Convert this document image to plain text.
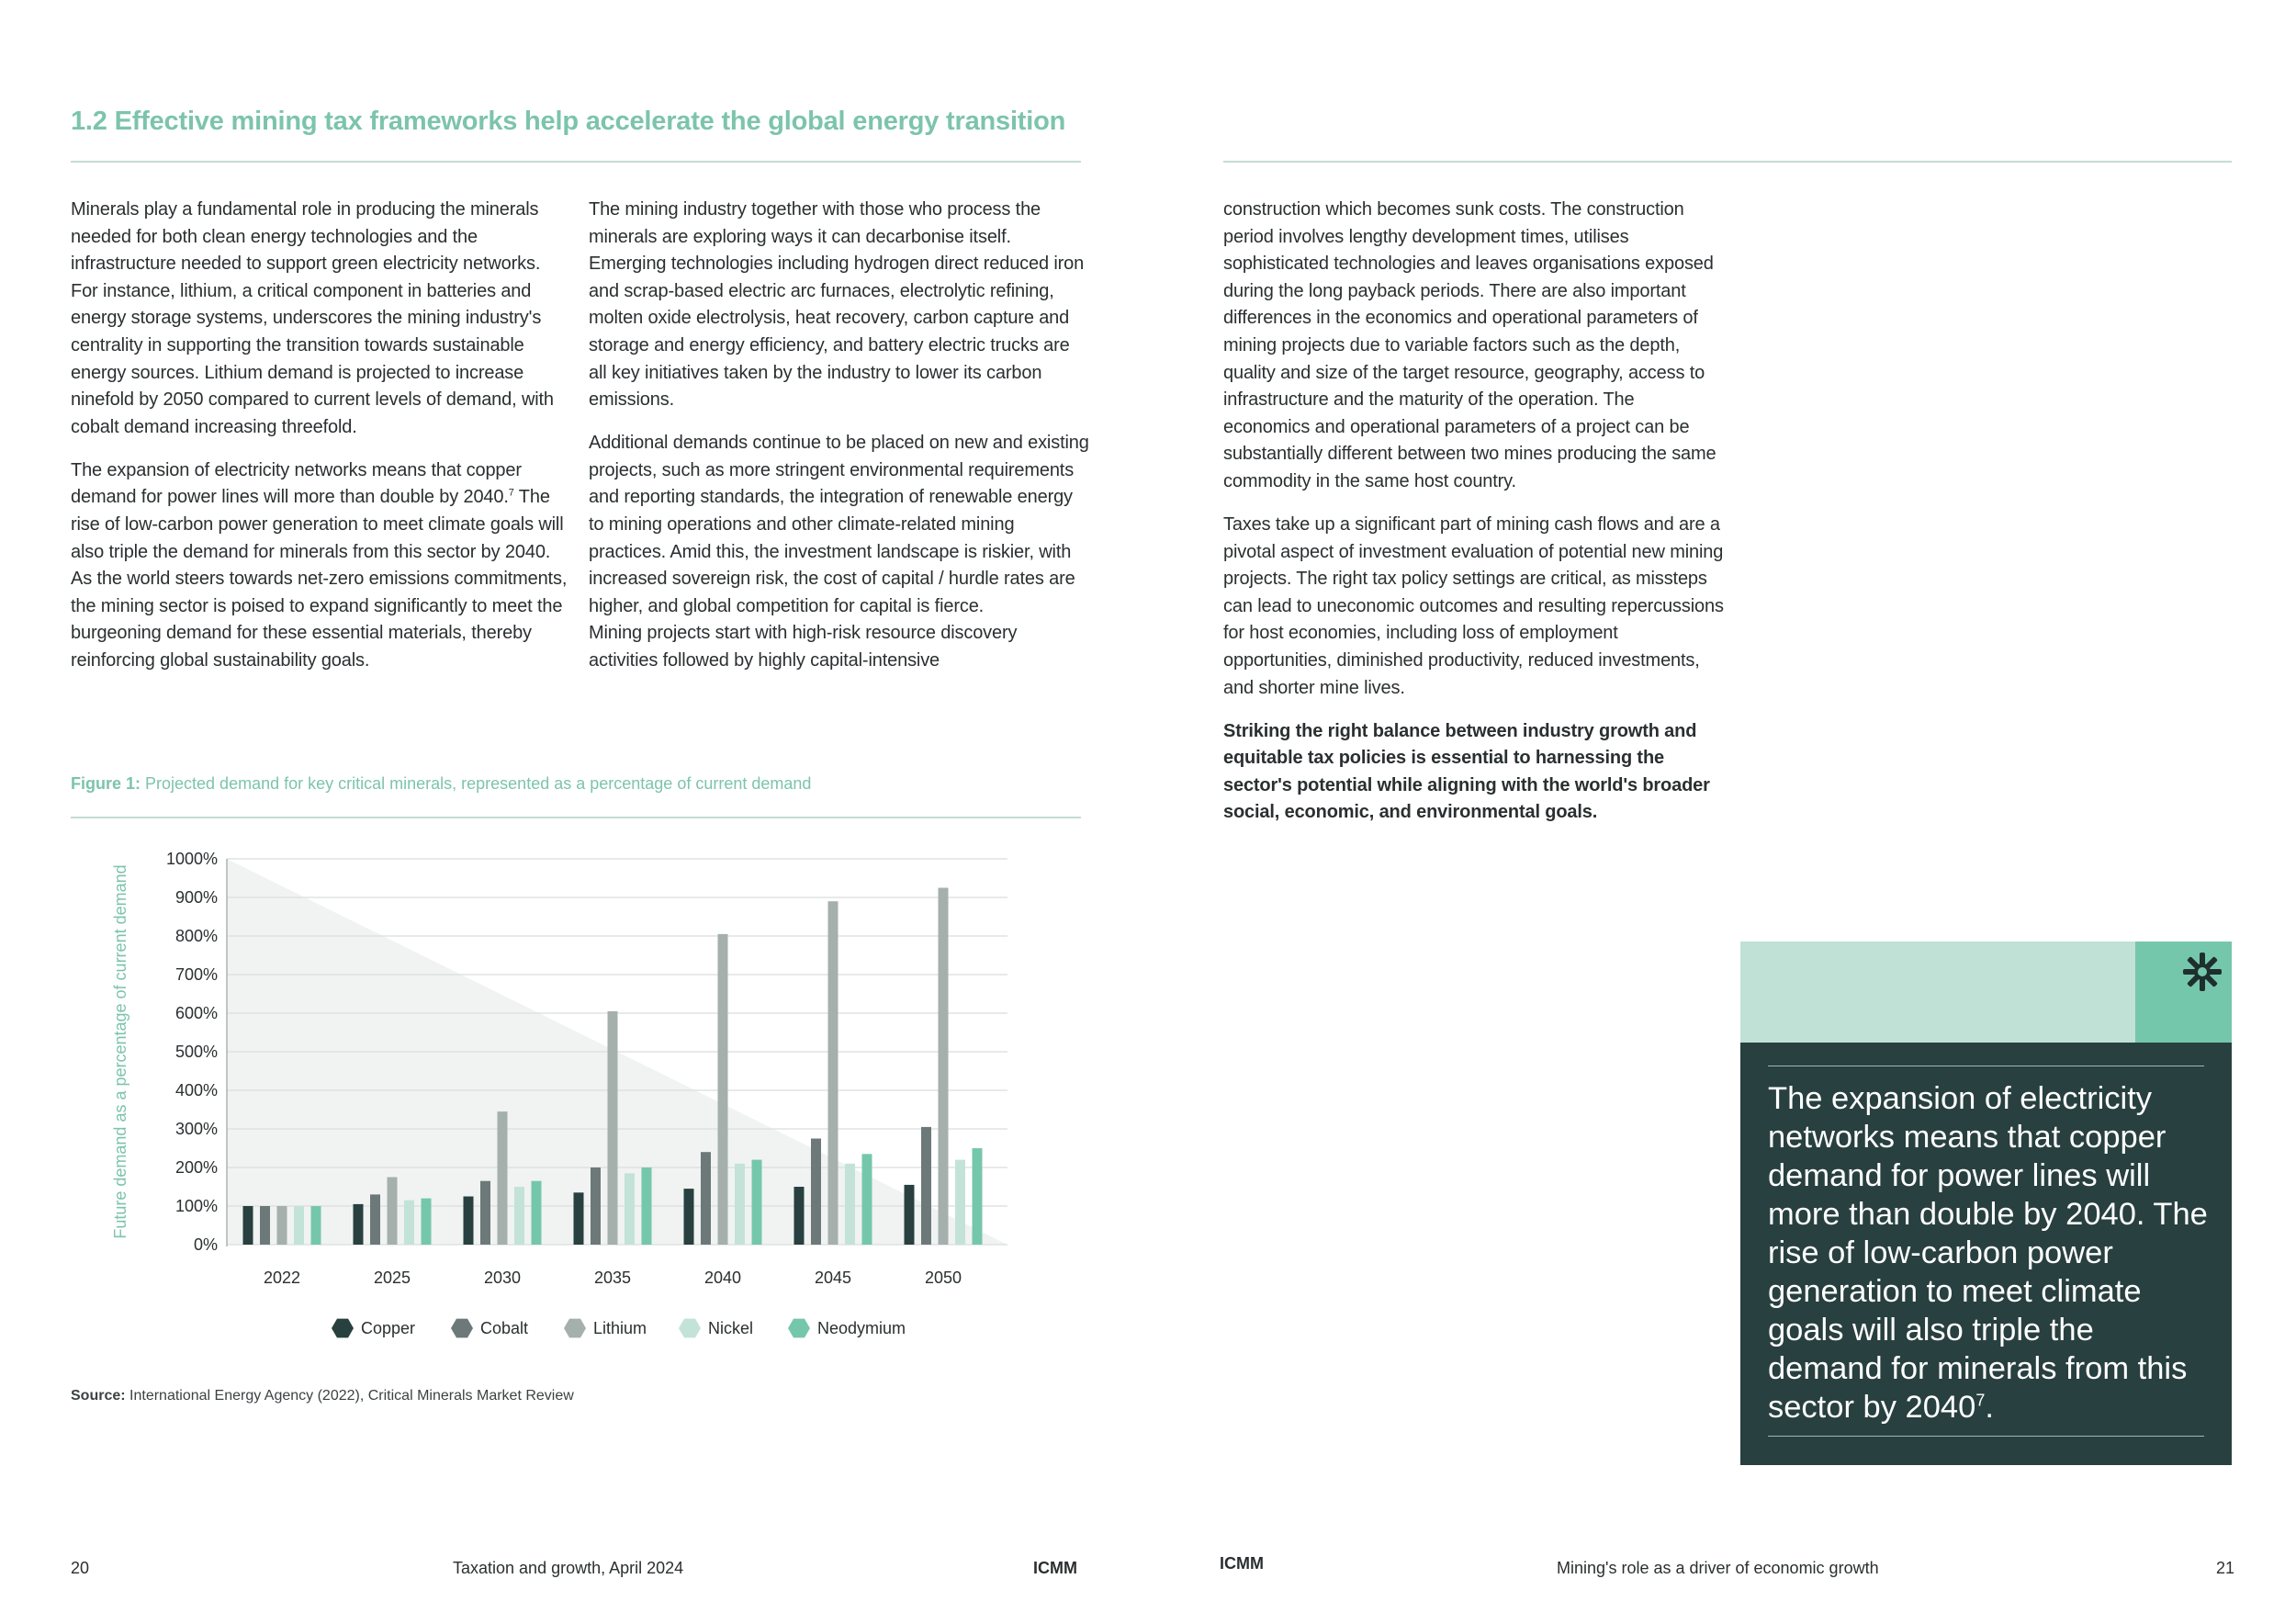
1.2 Effective mining tax frameworks help accelerate the global energy transition

Minerals play a fundamental role in producing the minerals needed for both clean energy technologies and the infrastructure needed to support green electricity networks. For instance, lithium, a critical component in batteries and energy storage systems, underscores the mining industry's centrality in supporting the transition towards sustainable energy sources. Lithium demand is projected to increase ninefold by 2050 compared to current levels of demand, with cobalt demand increasing threefold.

The expansion of electricity networks means that copper demand for power lines will more than double by 2040.$^7$ The rise of low-carbon power generation to meet climate goals will also triple the demand for minerals from this sector by 2040. As the world steers towards net-zero emissions commitments, the mining sector is poised to expand significantly to meet the burgeoning demand for these essential materials, thereby reinforcing global sustainability goals.

The mining industry together with those who process the minerals are exploring ways it can decarbonise itself. Emerging technologies including hydrogen direct reduced iron and scrap-based electric arc furnaces, electrolytic refining, molten oxide electrolysis, heat recovery, carbon capture and storage and energy efficiency, and battery electric trucks are all key initiatives taken by the industry to lower its carbon emissions.

Additional demands continue to be placed on new and existing projects, such as more stringent environmental requirements and reporting standards, the integration of renewable energy to mining operations and other climate-related mining practices. Amid this, the investment landscape is riskier, with increased sovereign risk, the cost of capital / hurdle rates are higher, and global competition for capital is fierce.

Mining projects start with high-risk resource discovery activities followed by highly capital-intensive

construction which becomes sunk costs. The construction period involves lengthy development times, utilises sophisticated technologies and leaves organisations exposed during the long payback periods. There are also important differences in the economics and operational parameters of mining projects due to variable factors such as the depth, quality and size of the target resource, geography, access to infrastructure and the maturity of the operation. The economics and operational parameters of a project can be substantially different between two mines producing the same commodity in the same host country.

Taxes take up a significant part of mining cash flows and are a pivotal aspect of investment evaluation of potential new mining projects. The right tax policy settings are critical, as missteps can lead to uneconomic outcomes and resulting repercussions for host economies, including loss of employment opportunities, diminished productivity, reduced investments, and shorter mine lives.

Striking the right balance between industry growth and equitable tax policies is essential to harnessing the sector's potential while aligning with the world's broader social, economic, and environmental goals.

Figure 1: Projected demand for key critical minerals, represented as a percentage of current demand
0%
100%
200%
300%
400%
500%
600%
700%
800%
900%
1000%
2022	2025	2030	2035	2040	2045	2050
Copper	Cobalt	Lithium	Nickel	Neodymium
Future demand as a percentage of current demand
Source: International Energy Agency (2022), Critical Minerals Market Review
The expansion of electricity networks means that copper demand for power lines will more than double by 2040. The rise of low-carbon power generation to meet climate goals will also triple the demand for minerals from this sector by 2040$^7$.
20	Taxation and growth, April 2024	ICMM	ICMM	Mining's role as a driver of economic growth	21
